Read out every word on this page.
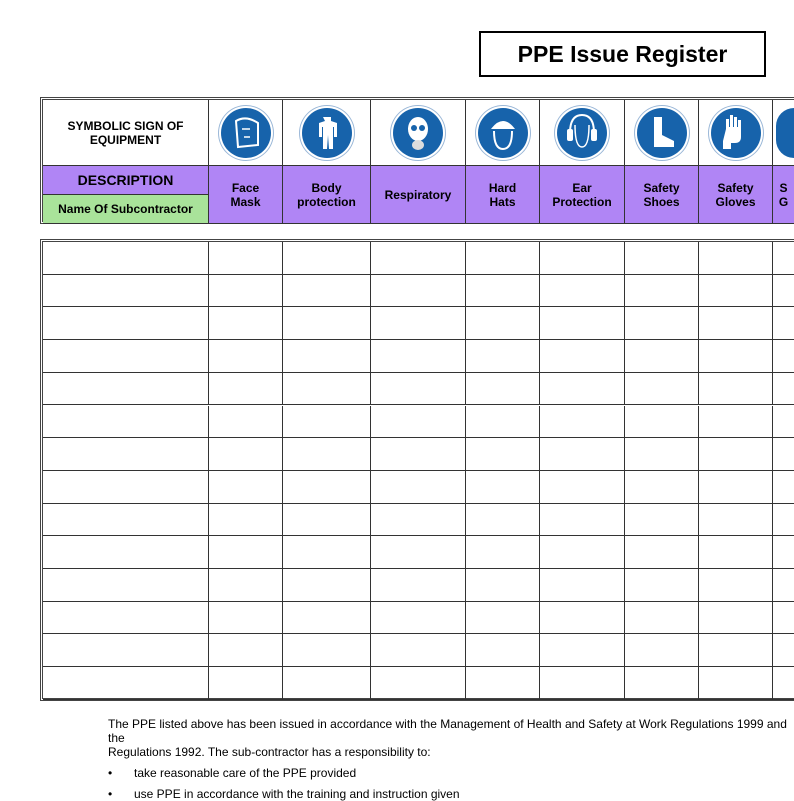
PPE Issue Register
SYMBOLIC SIGN OF EQUIPMENT
DESCRIPTION
Name Of Subcontractor
Face
Mask
Body
protection Respiratory	Hard
Hats
Ear
Protection
Safety
Shoes
Safety
Gloves
S
G
The PPE listed above has been issued in accordance with the Management of Health and Safety at Work Regulations 1999 and the
Regulations 1992. The sub-contractor has a responsibility to:
• take reasonable care of the PPE provided
• use PPE in accordance with the training and instruction given
